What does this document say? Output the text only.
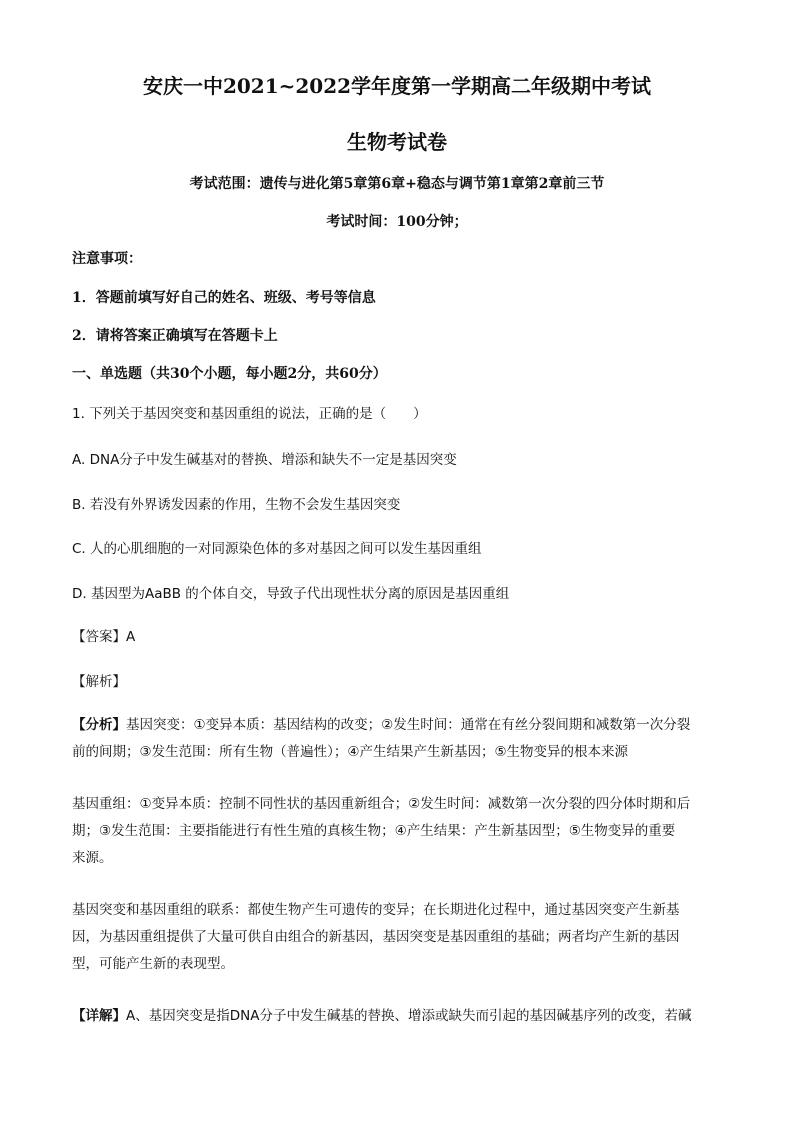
安庆一中2021~2022学年度第一学期高二年级期中考试
生物考试卷
考试范围：遗传与进化第5章第6章+稳态与调节第1章第2章前三节
考试时间：100分钟；
注意事项：
1．答题前填写好自己的姓名、班级、考号等信息
2．请将答案正确填写在答题卡上
一、单选题（共30个小题，每小题2分，共60分）
1. 下列关于基因突变和基因重组的说法，正确的是（　　）
A. DNA分子中发生碱基对的替换、增添和缺失不一定是基因突变
B. 若没有外界诱发因素的作用，生物不会发生基因突变
C. 人的心肌细胞的一对同源染色体的多对基因之间可以发生基因重组
D. 基因型为AaBB 的个体自交，导致子代出现性状分离的原因是基因重组
【答案】A
【解析】
【分析】基因突变：①变异本质：基因结构的改变；②发生时间：通常在有丝分裂间期和减数第一次分裂
前的间期；③发生范围：所有生物（普遍性）；④产生结果产生新基因；⑤生物变异的根本来源
基因重组：①变异本质：控制不同性状的基因重新组合；②发生时间：减数第一次分裂的四分体时期和后
期；③发生范围：主要指能进行有性生殖的真核生物；④产生结果：产生新基因型；⑤生物变异的重要
来源。
基因突变和基因重组的联系：都使生物产生可遗传的变异；在长期进化过程中，通过基因突变产生新基
因，为基因重组提供了大量可供自由组合的新基因，基因突变是基因重组的基础；两者均产生新的基因
型，可能产生新的表现型。
【详解】A、基因突变是指DNA分子中发生碱基的替换、增添或缺失而引起的基因碱基序列的改变，若碱
